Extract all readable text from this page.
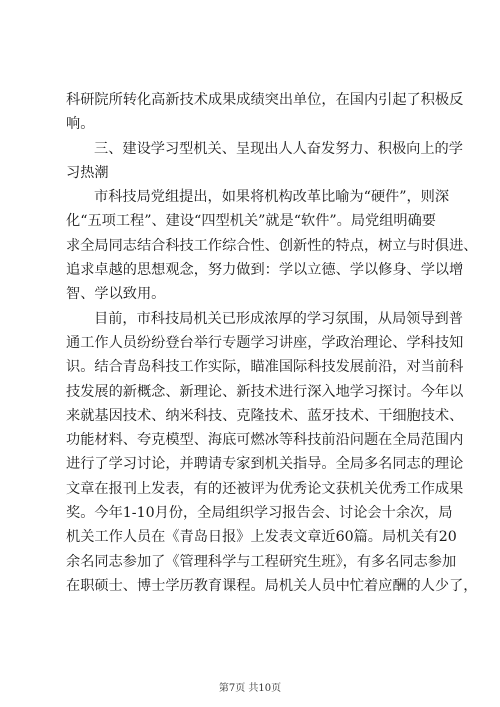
科研院所转化高新技术成果成绩突出单位，在国内引起了积极反
响。
三、建设学习型机关、呈现出人人奋发努力、积极向上的学
习热潮
市科技局党组提出，如果将机构改革比喻为“硬件”，则深
化“五项工程”、建设“四型机关”就是“软件”。局党组明确要
求全局同志结合科技工作综合性、创新性的特点，树立与时俱进、
追求卓越的思想观念，努力做到：学以立德、学以修身、学以增
智、学以致用。
目前，市科技局机关已形成浓厚的学习氛围，从局领导到普
通工作人员纷纷登台举行专题学习讲座，学政治理论、学科技知
识。结合青岛科技工作实际，瞄准国际科技发展前沿，对当前科
技发展的新概念、新理论、新技术进行深入地学习探讨。今年以
来就基因技术、纳米科技、克隆技术、蓝牙技术、干细胞技术、
功能材料、夸克模型、海底可燃冰等科技前沿问题在全局范围内
进行了学习讨论，并聘请专家到机关指导。全局多名同志的理论
文章在报刊上发表，有的还被评为优秀论文获机关优秀工作成果
奖。今年1-10月份，全局组织学习报告会、讨论会十余次，局
机关工作人员在《青岛日报》上发表文章近60篇。局机关有20
余名同志参加了《管理科学与工程研究生班》，有多名同志参加
在职硕士、博士学历教育课程。局机关人员中忙着应酬的人少了，
第7页 共10页
